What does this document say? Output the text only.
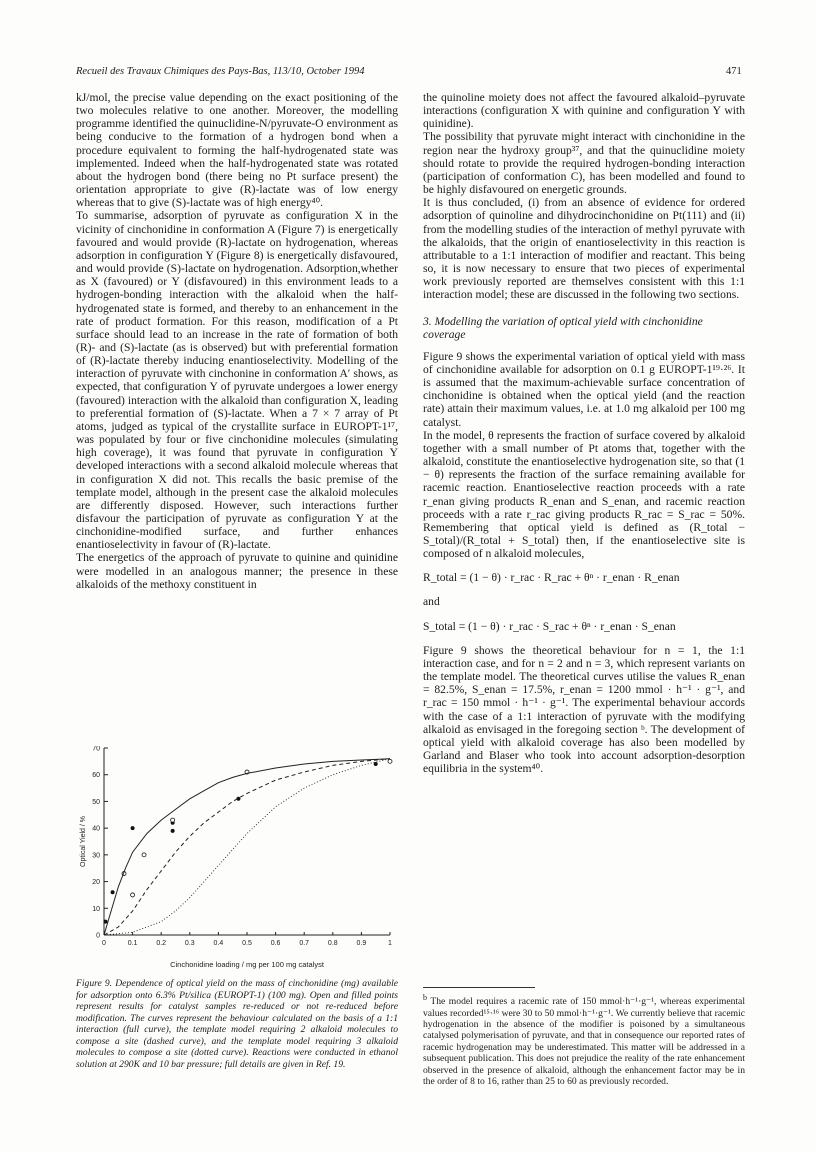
Recueil des Travaux Chimiques des Pays-Bas, 113/10, October 1994	471

kJ/mol, the precise value depending on the exact positioning of the two molecules relative to one another. Moreover, the modelling programme identified the quinuclidine-N/pyruvate-O environment as being conducive to the formation of a hydrogen bond when a procedure equivalent to forming the half-hydrogenated state was implemented. Indeed when the half-hydrogenated state was rotated about the hydrogen bond (there being no Pt surface present) the orientation appropriate to give (R)-lactate was of low energy whereas that to give (S)-lactate was of high energy⁴⁰.

To summarise, adsorption of pyruvate as configuration X in the vicinity of cinchonidine in conformation A (Figure 7) is energetically favoured and would provide (R)-lactate on hydrogenation, whereas adsorption in configuration Y (Figure 8) is energetically disfavoured, and would provide (S)-lactate on hydrogenation. Adsorption,whether as X (favoured) or Y (disfavoured) in this environment leads to a hydrogen-bonding interaction with the alkaloid when the half-hydrogenated state is formed, and thereby to an enhancement in the rate of product formation. For this reason, modification of a Pt surface should lead to an increase in the rate of formation of both (R)- and (S)-lactate (as is observed) but with preferential formation of (R)-lactate thereby inducing enantioselectivity. Modelling of the interaction of pyruvate with cinchonine in conformation A′ shows, as expected, that configuration Y of pyruvate undergoes a lower energy (favoured) interaction with the alkaloid than configuration X, leading to preferential formation of (S)-lactate. When a 7 × 7 array of Pt atoms, judged as typical of the crystallite surface in EUROPT-1¹⁷, was populated by four or five cinchonidine molecules (simulating high coverage), it was found that pyruvate in configuration Y developed interactions with a second alkaloid molecule whereas that in configuration X did not. This recalls the basic premise of the template model, although in the present case the alkaloid molecules are differently disposed. However, such interactions further disfavour the participation of pyruvate as configuration Y at the cinchonidine-modified surface, and further enhances enantioselectivity in favour of (R)-lactate.

The energetics of the approach of pyruvate to quinine and quinidine were modelled in an analogous manner; the presence in these alkaloids of the methoxy constituent in

the quinoline moiety does not affect the favoured alkaloid–pyruvate interactions (configuration X with quinine and configuration Y with quinidine).

The possibility that pyruvate might interact with cinchonidine in the region near the hydroxy group³⁷, and that the quinuclidine moiety should rotate to provide the required hydrogen-bonding interaction (participation of conformation C), has been modelled and found to be highly disfavoured on energetic grounds.

It is thus concluded, (i) from an absence of evidence for ordered adsorption of quinoline and dihydrocinchonidine on Pt(111) and (ii) from the modelling studies of the interaction of methyl pyruvate with the alkaloids, that the origin of enantioselectivity in this reaction is attributable to a 1:1 interaction of modifier and reactant. This being so, it is now necessary to ensure that two pieces of experimental work previously reported are themselves consistent with this 1:1 interaction model; these are discussed in the following two sections.

3. Modelling the variation of optical yield with cinchonidine coverage

Figure 9 shows the experimental variation of optical yield with mass of cinchonidine available for adsorption on 0.1 g EUROPT-1¹⁹·²⁶. It is assumed that the maximum-achievable surface concentration of cinchonidine is obtained when the optical yield (and the reaction rate) attain their maximum values, i.e. at 1.0 mg alkaloid per 100 mg catalyst.

In the model, θ represents the fraction of surface covered by alkaloid together with a small number of Pt atoms that, together with the alkaloid, constitute the enantioselective hydrogenation site, so that (1 − θ) represents the fraction of the surface remaining available for racemic reaction. Enantioselective reaction proceeds with a rate r_enan giving products R_enan and S_enan, and racemic reaction proceeds with a rate r_rac giving products R_rac = S_rac = 50%. Remembering that optical yield is defined as (R_total − S_total)/(R_total + S_total) then, if the enantioselective site is composed of n alkaloid molecules,

R_total = (1 − θ) · r_rac · R_rac + θⁿ · r_enan · R_enan

and

S_total = (1 − θ) · r_rac · S_rac + θⁿ · r_enan · S_enan

Figure 9 shows the theoretical behaviour for n = 1, the 1:1 interaction case, and for n = 2 and n = 3, which represent variants on the template model. The theoretical curves utilise the values R_enan = 82.5%, S_enan = 17.5%, r_enan = 1200 mmol · h⁻¹ · g⁻¹, and r_rac = 150 mmol · h⁻¹ · g⁻¹. The experimental behaviour accords with the case of a 1:1 interaction of pyruvate with the modifying alkaloid as envisaged in the foregoing section ᵇ. The development of optical yield with alkaloid coverage has also been modelled by Garland and Blaser who took into account adsorption-desorption equilibria in the system⁴⁰.

0
10
20
30
40
50
60
70
0	0.1	0.2	0.3	0.4	0.5	0.6	0.7	0.8	0.9	1
Optical Yield / %
Cinchonidine loading / mg per 100 mg catalyst
Figure 9. Dependence of optical yield on the mass of cinchonidine (mg) available for adsorption onto 6.3% Pt/silica (EUROPT-1) (100 mg). Open and filled points represent results for catalyst samples re-reduced or not re-reduced before modification. The curves represent the behaviour calculated on the basis of a 1:1 interaction (full curve), the template model requiring 2 alkaloid molecules to compose a site (dashed curve), and the template model requiring 3 alkaloid molecules to compose a site (dotted curve). Reactions were conducted in ethanol solution at 290K and 10 bar pressure; full details are given in Ref. 19.
$^b$ The model requires a racemic rate of 150 mmol·h⁻¹·g⁻¹, whereas experimental values recorded¹⁵·¹⁶ were 30 to 50 mmol·h⁻¹·g⁻¹. We currently believe that racemic hydrogenation in the absence of the modifier is poisoned by a simultaneous catalysed polymerisation of pyruvate, and that in consequence our reported rates of racemic hydrogenation may be underestimated. This matter will be addressed in a subsequent publication. This does not prejudice the reality of the rate enhancement observed in the presence of alkaloid, although the enhancement factor may be in the order of 8 to 16, rather than 25 to 60 as previously recorded.
